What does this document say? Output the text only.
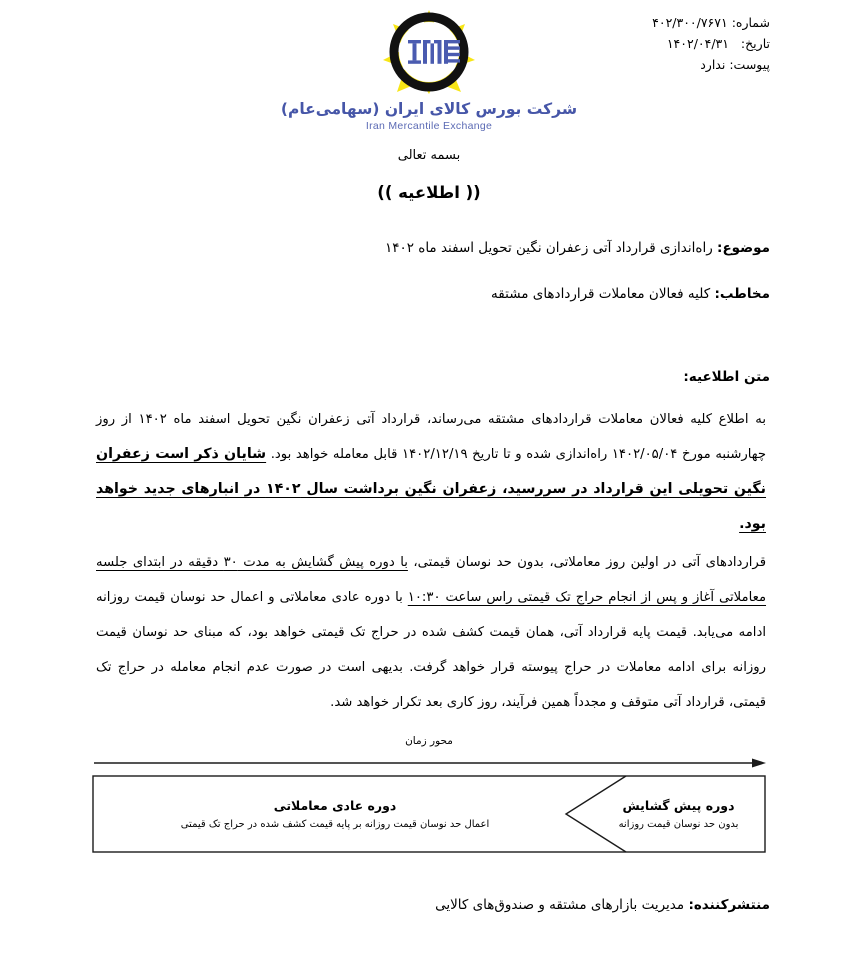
شماره: ۴۰۲/۳۰۰/۷۶۷۱
تاریخ:   ۱۴۰۲/۰۴/۳۱
پیوست: ندارد
شرکت بورس کالای ایران (سهامی‌عام)
Iran Mercantile Exchange
بسمه تعالی
(( اطلاعیه ))
موضوع: راه‌اندازی قرارداد آتی زعفران نگین تحویل اسفند ماه ۱۴۰۲
مخاطب: کلیه فعالان معاملات قراردادهای مشتقه
متن اطلاعیه:
به اطلاع کلیه فعالان معاملات قراردادهای مشتقه می‌رساند، قرارداد آتی زعفران نگین تحویل اسفند ماه ۱۴۰۲ از روز چهارشنبه مورخ ۱۴۰۲/۰۵/۰۴ راه‌اندازی شده و تا تاریخ ۱۴۰۲/۱۲/۱۹ قابل معامله خواهد بود. شایان ذکر است زعفران نگین تحویلی این قرارداد در سررسید، زعفران نگین برداشت سال ۱۴۰۲ در انبارهای جدید خواهد بود.
قراردادهای آتی در اولین روز معاملاتی، بدون حد نوسان قیمتی، با دوره پیش گشایش به مدت ۳۰ دقیقه در ابتدای جلسه معاملاتی آغاز و پس از انجام حراج تک قیمتی راس ساعت ۱۰:۳۰ با دوره عادی معاملاتی و اعمال حد نوسان قیمت روزانه ادامه می‌یابد. قیمت پایه قرارداد آتی، همان قیمت کشف شده در حراج تک قیمتی خواهد بود، که مبنای حد نوسان قیمت روزانه برای ادامه معاملات در حراج پیوسته قرار خواهد گرفت. بدیهی است در صورت عدم انجام معامله در حراج تک قیمتی، قرارداد آتی متوقف و مجدداً همین فرآیند، روز کاری بعد تکرار خواهد شد.
محور زمان
دوره پیش گشایش
بدون حد نوسان قیمت روزانه
دوره عادی معاملاتی
اعمال حد نوسان قیمت روزانه بر پایه قیمت کشف شده در حراج تک قیمتی
منتشرکننده: مدیریت بازارهای مشتقه و صندوق‌های کالایی
